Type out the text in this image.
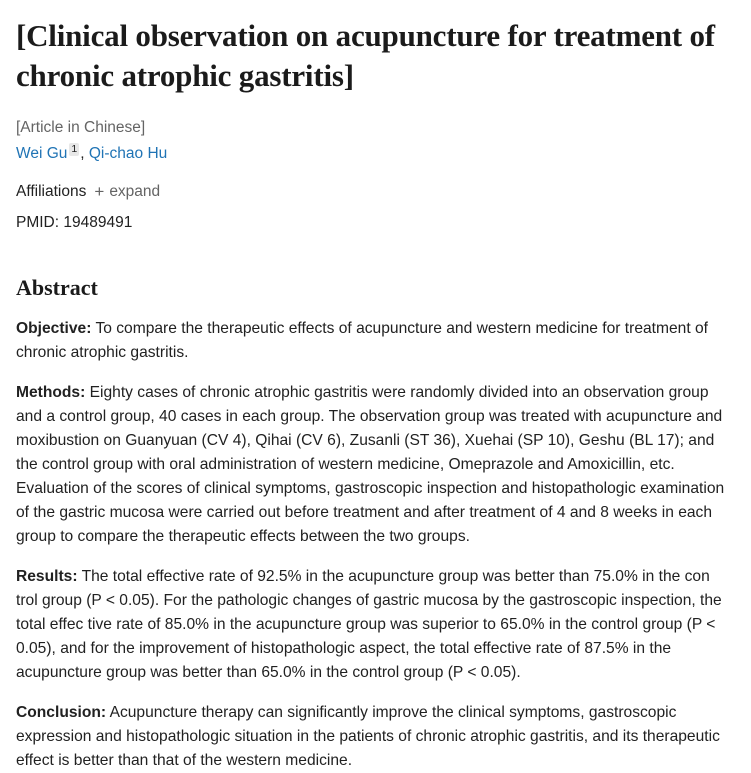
[Clinical observation on acupuncture for treatment of chronic atrophic gastritis]
[Article in Chinese]
Wei Gu 1 , Qi-chao Hu
Affiliations + expand
PMID: 19489491
Abstract

Objective: To compare the therapeutic effects of acupuncture and western medicine for treatment of chronic atrophic gastritis.

Methods: Eighty cases of chronic atrophic gastritis were randomly divided into an observation group and a control group, 40 cases in each group. The observation group was treated with acupuncture and moxibustion on Guanyuan (CV 4), Qihai (CV 6), Zusanli (ST 36), Xuehai (SP 10), Geshu (BL 17); and the control group with oral administration of western medicine, Omeprazole and Amoxicillin, etc. Evaluation of the scores of clinical symptoms, gastroscopic inspection and histopathologic examination of the gastric mucosa were carried out before treatment and after treatment of 4 and 8 weeks in each group to compare the therapeutic effects between the two groups.

Results: The total effective rate of 92.5% in the acupuncture group was better than 75.0% in the con trol group (P < 0.05). For the pathologic changes of gastric mucosa by the gastroscopic inspection, the total effec tive rate of 85.0% in the acupuncture group was superior to 65.0% in the control group (P < 0.05), and for the improvement of histopathologic aspect, the total effective rate of 87.5% in the acupuncture group was better than 65.0% in the control group (P < 0.05).

Conclusion: Acupuncture therapy can significantly improve the clinical symptoms, gastroscopic expression and histopathologic situation in the patients of chronic atrophic gastritis, and its therapeutic effect is better than that of the western medicine.
